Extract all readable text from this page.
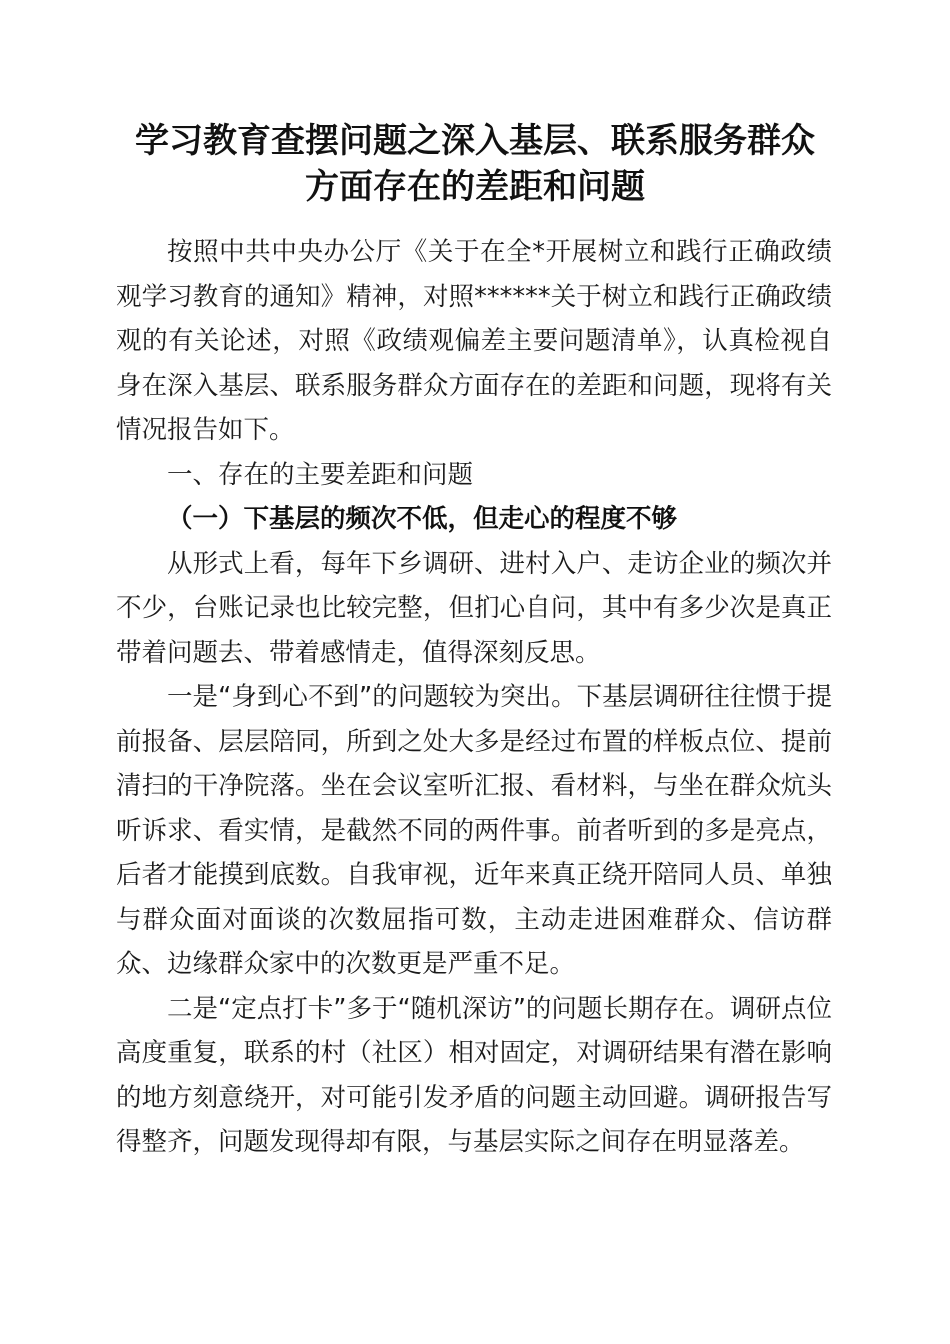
学习教育查摆问题之深入基层、联系服务群众
方面存在的差距和问题

按照中共中央办公厅《关于在全*开展树立和践行正确政绩观学习教育的通知》精神，对照******关于树立和践行正确政绩观的有关论述，对照《政绩观偏差主要问题清单》，认真检视自身在深入基层、联系服务群众方面存在的差距和问题，现将有关情况报告如下。

一、存在的主要差距和问题

（一）下基层的频次不低，但走心的程度不够

从形式上看，每年下乡调研、进村入户、走访企业的频次并不少，台账记录也比较完整，但扪心自问，其中有多少次是真正带着问题去、带着感情走，值得深刻反思。

一是“身到心不到”的问题较为突出。下基层调研往往惯于提前报备、层层陪同，所到之处大多是经过布置的样板点位、提前清扫的干净院落。坐在会议室听汇报、看材料，与坐在群众炕头听诉求、看实情，是截然不同的两件事。前者听到的多是亮点，后者才能摸到底数。自我审视，近年来真正绕开陪同人员、单独与群众面对面谈的次数屈指可数，主动走进困难群众、信访群众、边缘群众家中的次数更是严重不足。

二是“定点打卡”多于“随机深访”的问题长期存在。调研点位高度重复，联系的村（社区）相对固定，对调研结果有潜在影响的地方刻意绕开，对可能引发矛盾的问题主动回避。调研报告写得整齐，问题发现得却有限，与基层实际之间存在明显落差。
